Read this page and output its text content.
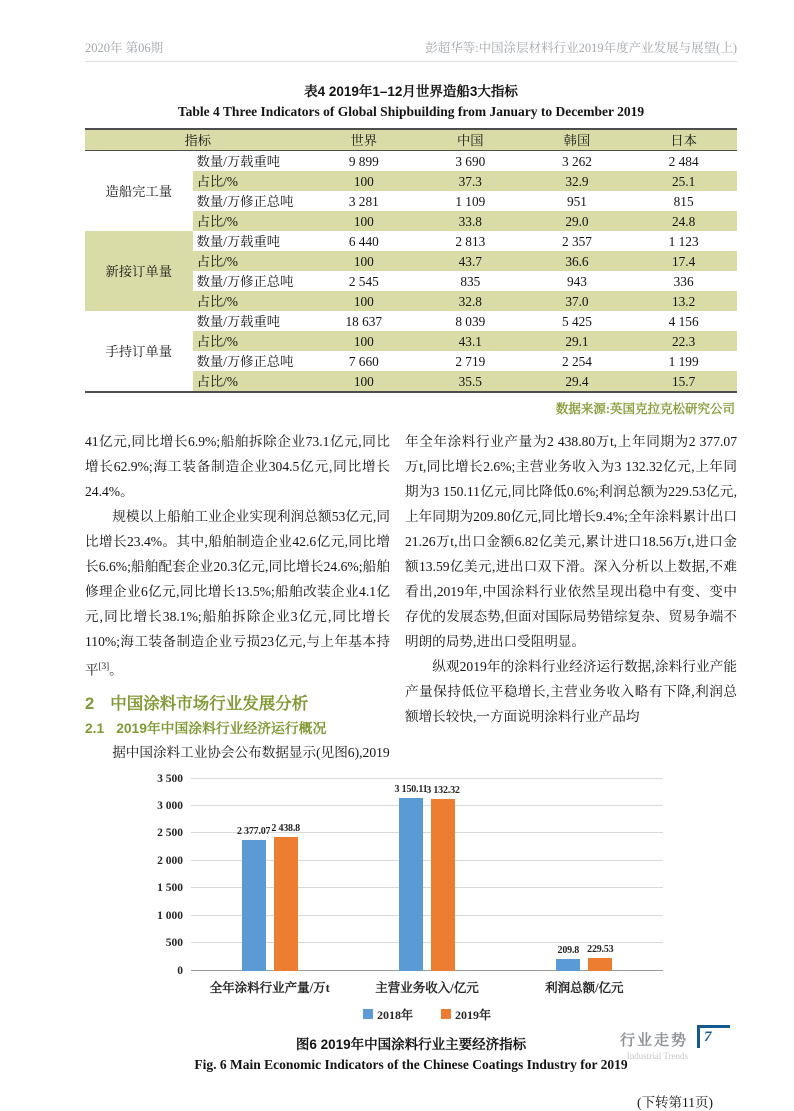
2020年 第06期	彭超华等:中国涂层材料行业2019年度产业发展与展望(上)
表4 2019年1–12月世界造船3大指标
Table 4 Three Indicators of Global Shipbuilding from January to December 2019
指标		世界	中国	韩国	日本
造船完工量	数量/万载重吨	9 899	3 690	3 262	2 484
	占比/%	100	37.3	32.9	25.1
	数量/万修正总吨	3 281	1 109	951	815
	占比/%	100	33.8	29.0	24.8
新接订单量	数量/万载重吨	6 440	2 813	2 357	1 123
	占比/%	100	43.7	36.6	17.4
	数量/万修正总吨	2 545	835	943	336
	占比/%	100	32.8	37.0	13.2
手持订单量	数量/万载重吨	18 637	8 039	5 425	4 156
	占比/%	100	43.1	29.1	22.3
	数量/万修正总吨	7 660	2 719	2 254	1 199
	占比/%	100	35.5	29.4	15.7
数据来源:英国克拉克松研究公司

41亿元,同比增长6.9%;船舶拆除企业73.1亿元,同比增长62.9%;海工装备制造企业304.5亿元,同比增长24.4%。

规模以上船舶工业企业实现利润总额53亿元,同比增长23.4%。其中,船舶制造企业42.6亿元,同比增长6.6%;船舶配套企业20.3亿元,同比增长24.6%;船舶修理企业6亿元,同比增长13.5%;船舶改装企业4.1亿元,同比增长38.1%;船舶拆除企业3亿元,同比增长110%;海工装备制造企业亏损23亿元,与上年基本持平[3]。

2 中国涂料市场行业发展分析
2.1 2019年中国涂料行业经济运行概况

据中国涂料工业协会公布数据显示(见图6),2019

年全年涂料行业产量为2 438.80万t,上年同期为2 377.07万t,同比增长2.6%;主营业务收入为3 132.32亿元,上年同期为3 150.11亿元,同比降低0.6%;利润总额为229.53亿元,上年同期为209.80亿元,同比增长9.4%;全年涂料累计出口21.26万t,出口金额6.82亿美元,累计进口18.56万t,进口金额13.59亿美元,进出口双下滑。深入分析以上数据,不难看出,2019年,中国涂料行业依然呈现出稳中有变、变中存优的发展态势,但面对国际局势错综复杂、贸易争端不明朗的局势,进出口受阻明显。

纵观2019年的涂料行业经济运行数据,涂料行业产能产量保持低位平稳增长,主营业务收入略有下降,利润总额增长较快,一方面说明涂料行业产品均

0
500
1 000
1 500
2 000
2 500
3 000
3 500
2 377.07 2 438.8
3 150.11
3 132.32
209.8 229.53
全年涂料行业产量/万t	主营业务收入/亿元	利润总额/亿元
2018年	2019年
图6 2019年中国涂料行业主要经济指标
Fig. 6 Main Economic Indicators of the Chinese Coatings Industry for 2019
(下转第11页)
行业走势
Industrial Trends
7
